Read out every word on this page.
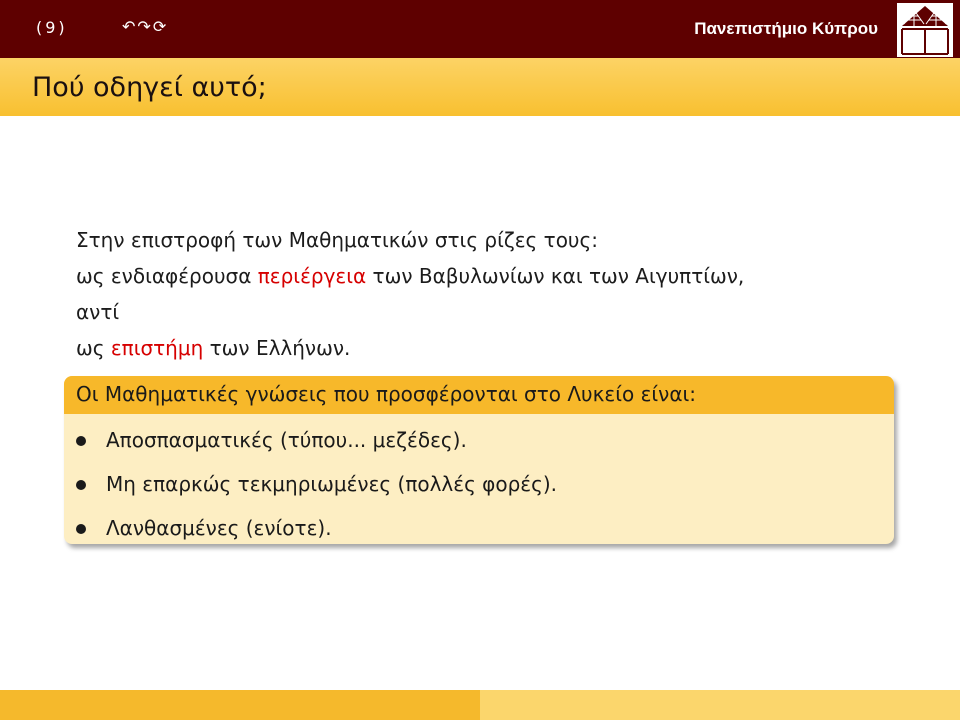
(9)	↶↷⟳	Πανεπιστήμιο Κύπρου
Πού οδηγεί αυτό;
Στην επιστροφή των Μαθηματικών στις ρίζες τους:
ως ενδιαφέρουσα περιέργεια των Βαβυλωνίων και των Αιγυπτίων,
αντί
ως επιστήμη των Ελλήνων.
Οι Μαθηματικές γνώσεις που προσφέρονται στο Λυκείο είναι:
Αποσπασματικές (τύπου... μεζέδες).
Μη επαρκώς τεκμηριωμένες (πολλές φορές).
Λανθασμένες (ενίοτε).
